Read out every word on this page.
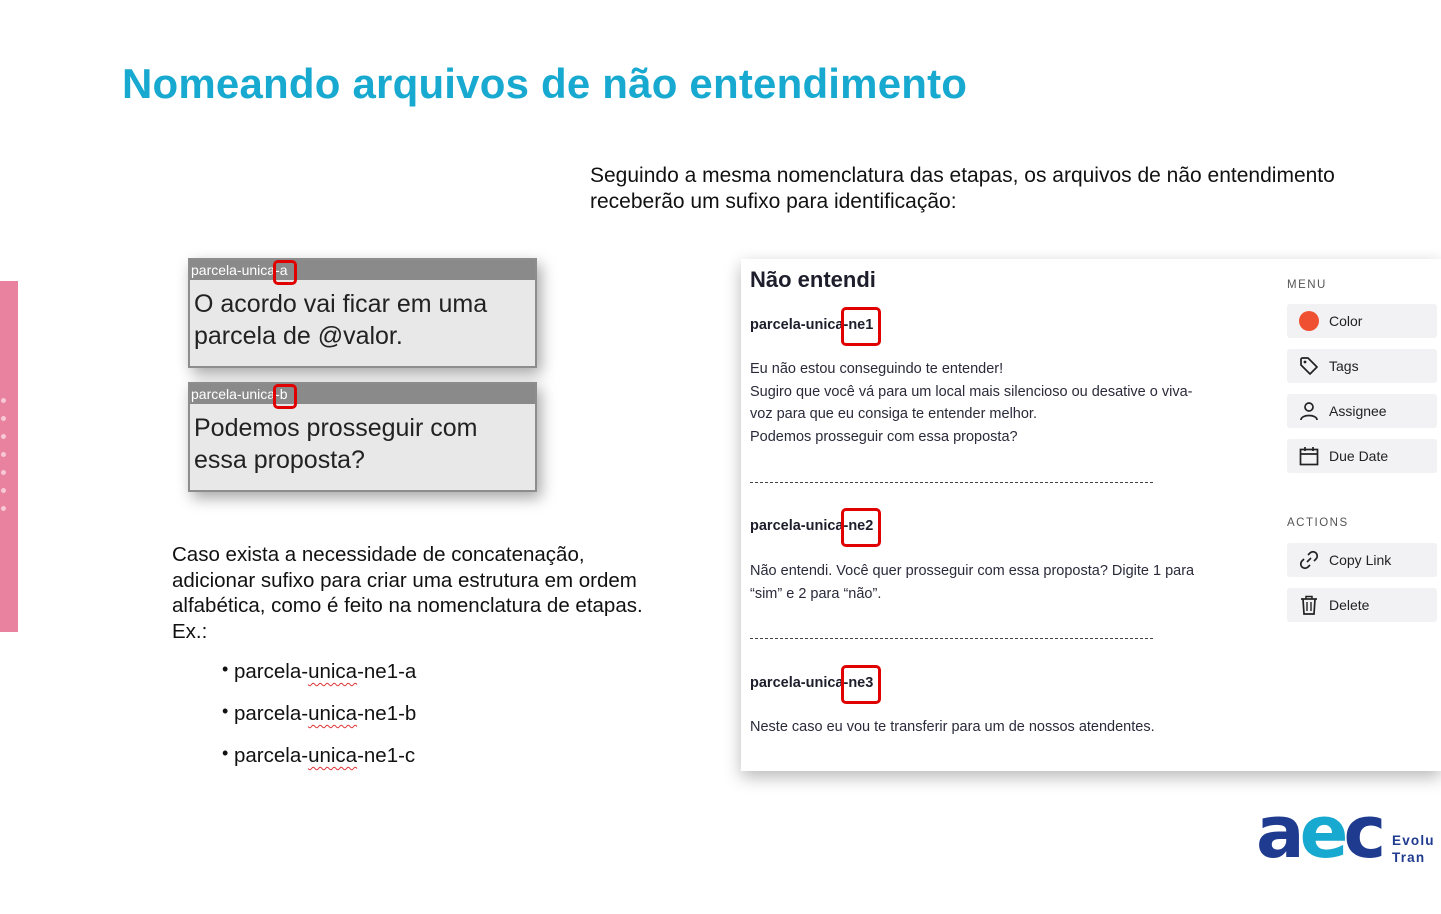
Nomeando arquivos de não entendimento

Seguindo a mesma nomenclatura das etapas, os arquivos de não entendimento receberão um sufixo para identificação:

parcela-unica-a
O acordo vai ficar em uma parcela de @valor.
parcela-unica-b
Podemos prosseguir com essa proposta?

Caso exista a necessidade de concatenação, adicionar sufixo para criar uma estrutura em ordem alfabética, como é feito na nomenclatura de etapas. Ex.:

• parcela-unica-ne1-a
• parcela-unica-ne1-b
• parcela-unica-ne1-c
Não entendi
parcela-unica-ne1
Eu não estou conseguindo te entender!
Sugiro que você vá para um local mais silencioso ou desative o viva-
voz para que eu consiga te entender melhor.
Podemos prosseguir com essa proposta?
parcela-unica-ne2
Não entendi. Você quer prosseguir com essa proposta? Digite 1 para
“sim” e 2 para “não”.
parcela-unica-ne3
Neste caso eu vou te transferir para um de nossos atendentes.
MENU
Color
Tags
Assignee
Due Date
ACTIONS
Copy Link
Delete
aec Evolu
Tran
